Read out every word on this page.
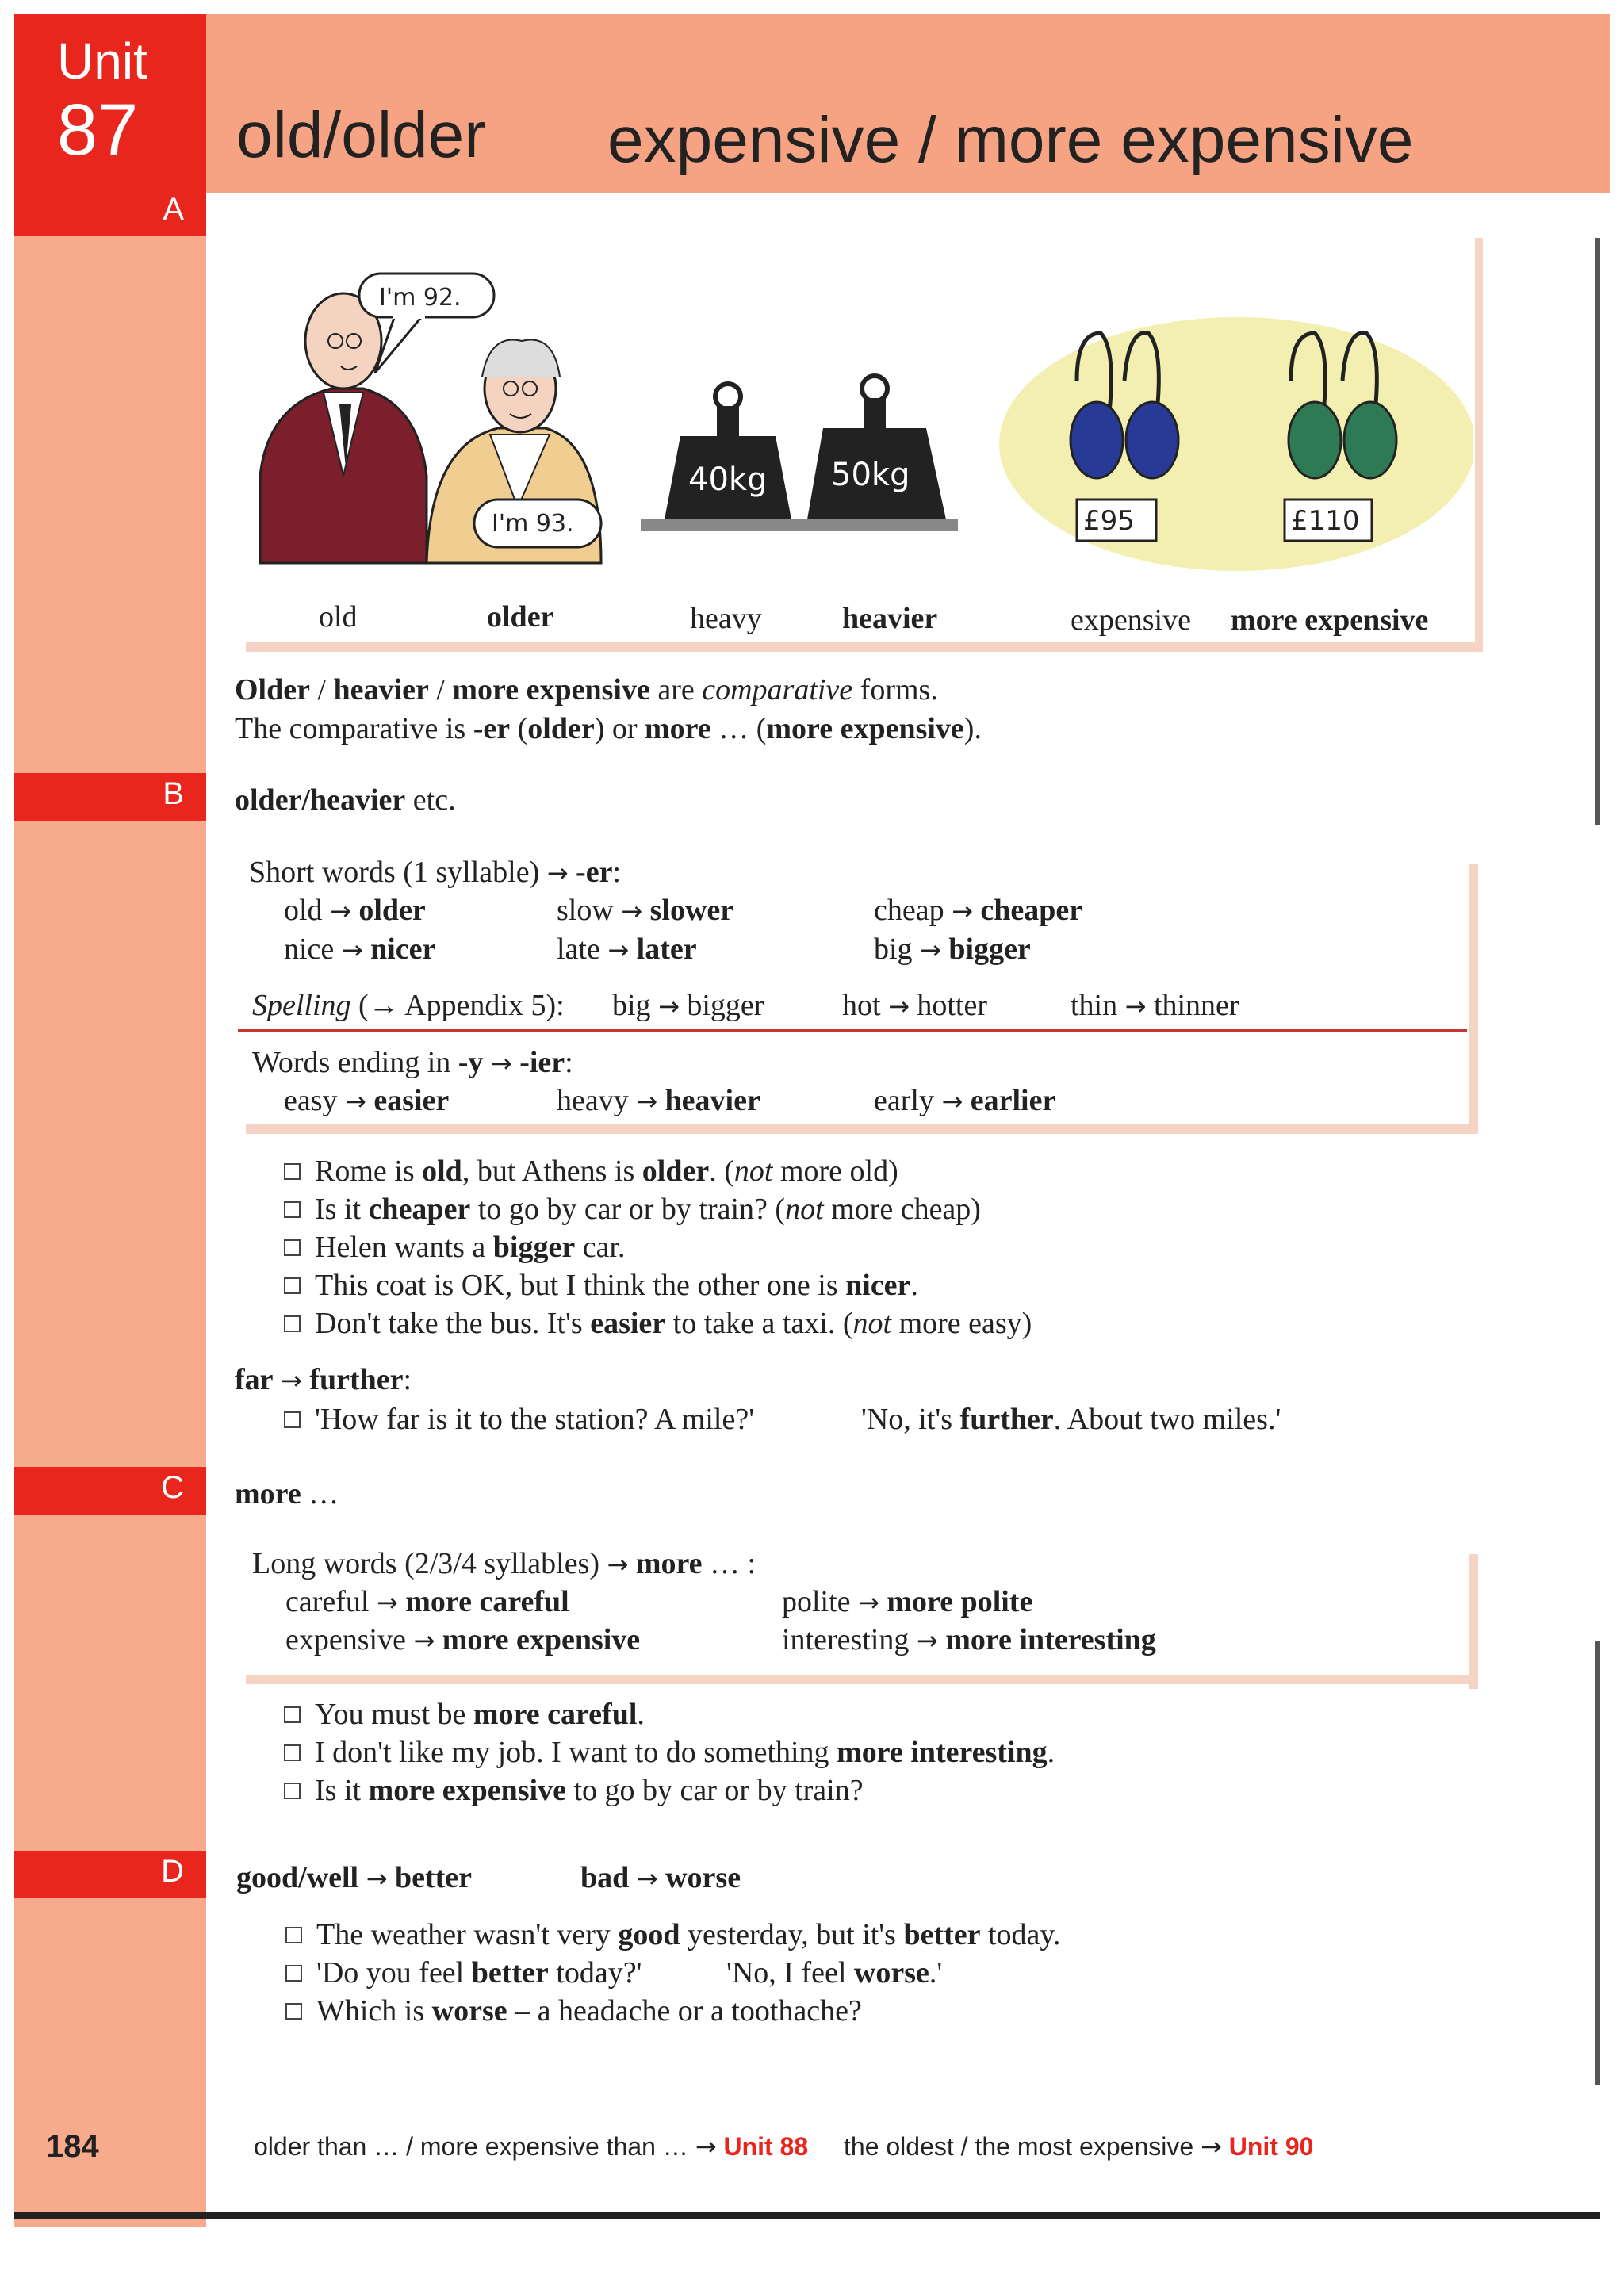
Unit
87
A
B
C
D
old/older expensive / more expensive
I'm 92.
I'm 93.
40kg 50kg
£95	£110
old	older	heavy	heavier	expensive more expensive
Older / heavier / more expensive are comparative forms.
The comparative is -er (older) or more … (more expensive).
older/heavier etc.
Short words (1 syllable) → -er:
old → older	slow → slower	cheap → cheaper
nice → nicer	late → later	big → bigger
Spelling (→ Appendix 5): big → bigger	hot → hotter	thin → thinner
Words ending in -y → -ier:
easy → easier	heavy → heavier	early → earlier
Rome is old, but Athens is older. (not more old)
Is it cheaper to go by car or by train? (not more cheap)
Helen wants a bigger car.
This coat is OK, but I think the other one is nicer.
Don't take the bus. It's easier to take a taxi. (not more easy)
far → further:
'How far is it to the station? A mile?'	'No, it's further. About two miles.'
more …
Long words (2/3/4 syllables) → more … :
careful → more careful	polite → more polite
expensive → more expensive	interesting → more interesting
You must be more careful.
I don't like my job. I want to do something more interesting.
Is it more expensive to go by car or by train?
good/well → better	bad → worse
The weather wasn't very good yesterday, but it's better today.
'Do you feel better today?'	'No, I feel worse.'
Which is worse – a headache or a toothache?
184	older than … / more expensive than … → Unit 88 the oldest / the most expensive → Unit 90
